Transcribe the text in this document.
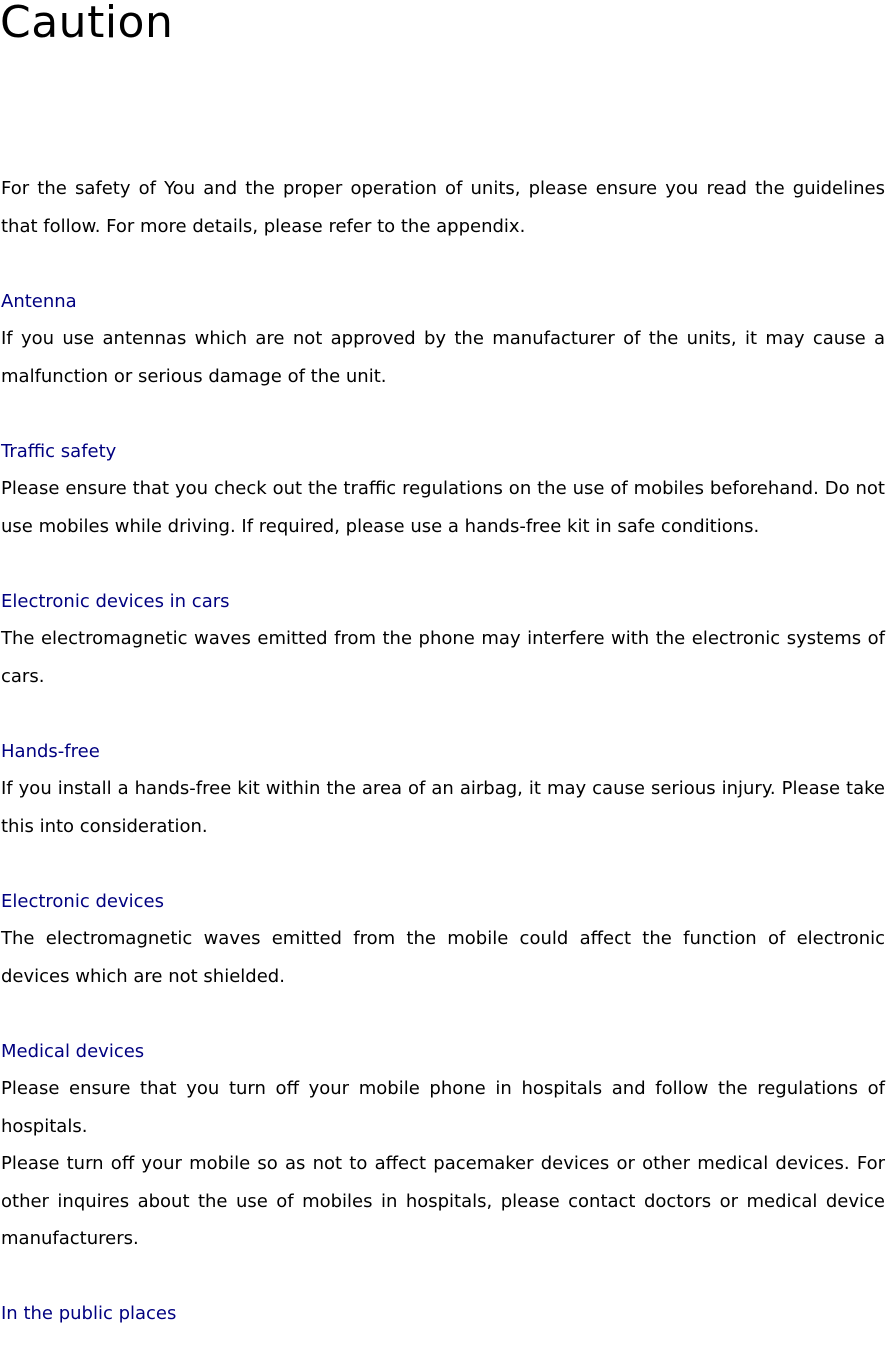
Caution

For the safety of You and the proper operation of units, please ensure you read the guidelines that follow. For more details, please refer to the appendix.

Antenna

If you use antennas which are not approved by the manufacturer of the units, it may cause a malfunction or serious damage of the unit.

Traffic safety

Please ensure that you check out the traffic regulations on the use of mobiles beforehand. Do not use mobiles while driving. If required, please use a hands-free kit in safe conditions.

Electronic devices in cars

The electromagnetic waves emitted from the phone may interfere with the electronic systems of cars.

Hands-free

If you install a hands-free kit within the area of an airbag, it may cause serious injury. Please take this into consideration.

Electronic devices

The electromagnetic waves emitted from the mobile could affect the function of electronic devices which are not shielded.

Medical devices

Please ensure that you turn off your mobile phone in hospitals and follow the regulations of hospitals.

Please turn off your mobile so as not to affect pacemaker devices or other medical devices. For other inquires about the use of mobiles in hospitals, please contact doctors or medical device manufacturers.

In the public places
